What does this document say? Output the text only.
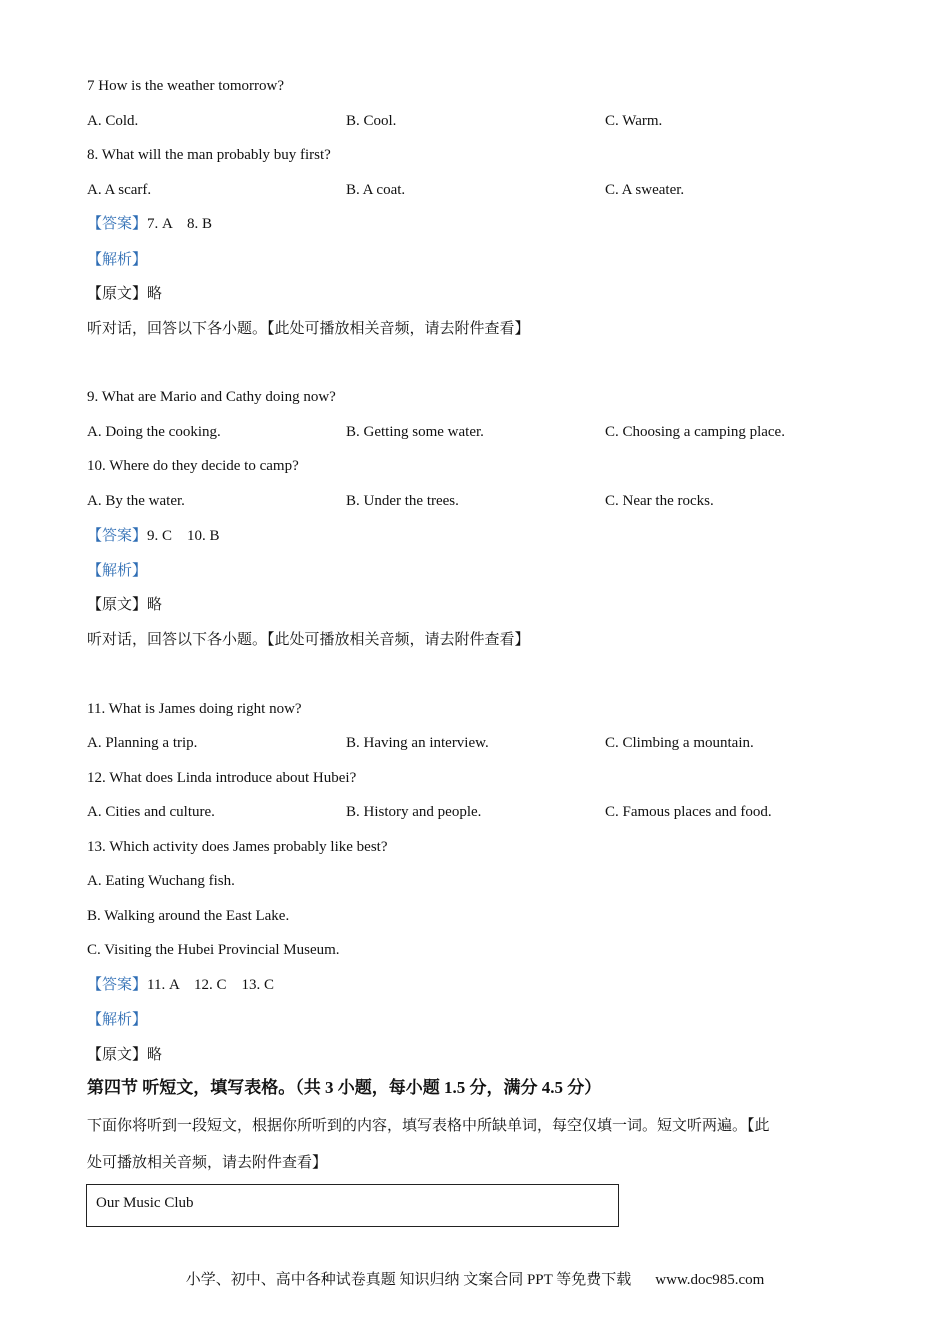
7 How is the weather tomorrow?
A. Cold.	B. Cool.	C. Warm.
8. What will the man probably buy first?
A. A scarf.	B. A coat.	C. A sweater.
【答案】7. A    8. B
【解析】
【原文】略
听对话，回答以下各小题。【此处可播放相关音频，请去附件查看】
9. What are Mario and Cathy doing now?
A. Doing the cooking.	B. Getting some water.	C. Choosing a camping place.
10. Where do they decide to camp?
A. By the water.	B. Under the trees.	C. Near the rocks.
【答案】9. C    10. B
【解析】
【原文】略
听对话，回答以下各小题。【此处可播放相关音频，请去附件查看】
11. What is James doing right now?
A. Planning a trip.	B. Having an interview.	C. Climbing a mountain.
12. What does Linda introduce about Hubei?
A. Cities and culture.	B. History and people.	C. Famous places and food.
13. Which activity does James probably like best?
A. Eating Wuchang fish.
B. Walking around the East Lake.
C. Visiting the Hubei Provincial Museum.
【答案】11. A    12. C    13. C
【解析】
【原文】略
第四节 听短文，填写表格。（共 3 小题，每小题 1.5 分，满分 4.5 分）
下面你将听到一段短文，根据你所听到的内容，填写表格中所缺单词，每空仅填一词。短文听两遍。【此
处可播放相关音频，请去附件查看】
Our Music Club
小学、初中、高中各种试卷真题 知识归纳 文案合同 PPT 等免费下载 www.doc985.com
